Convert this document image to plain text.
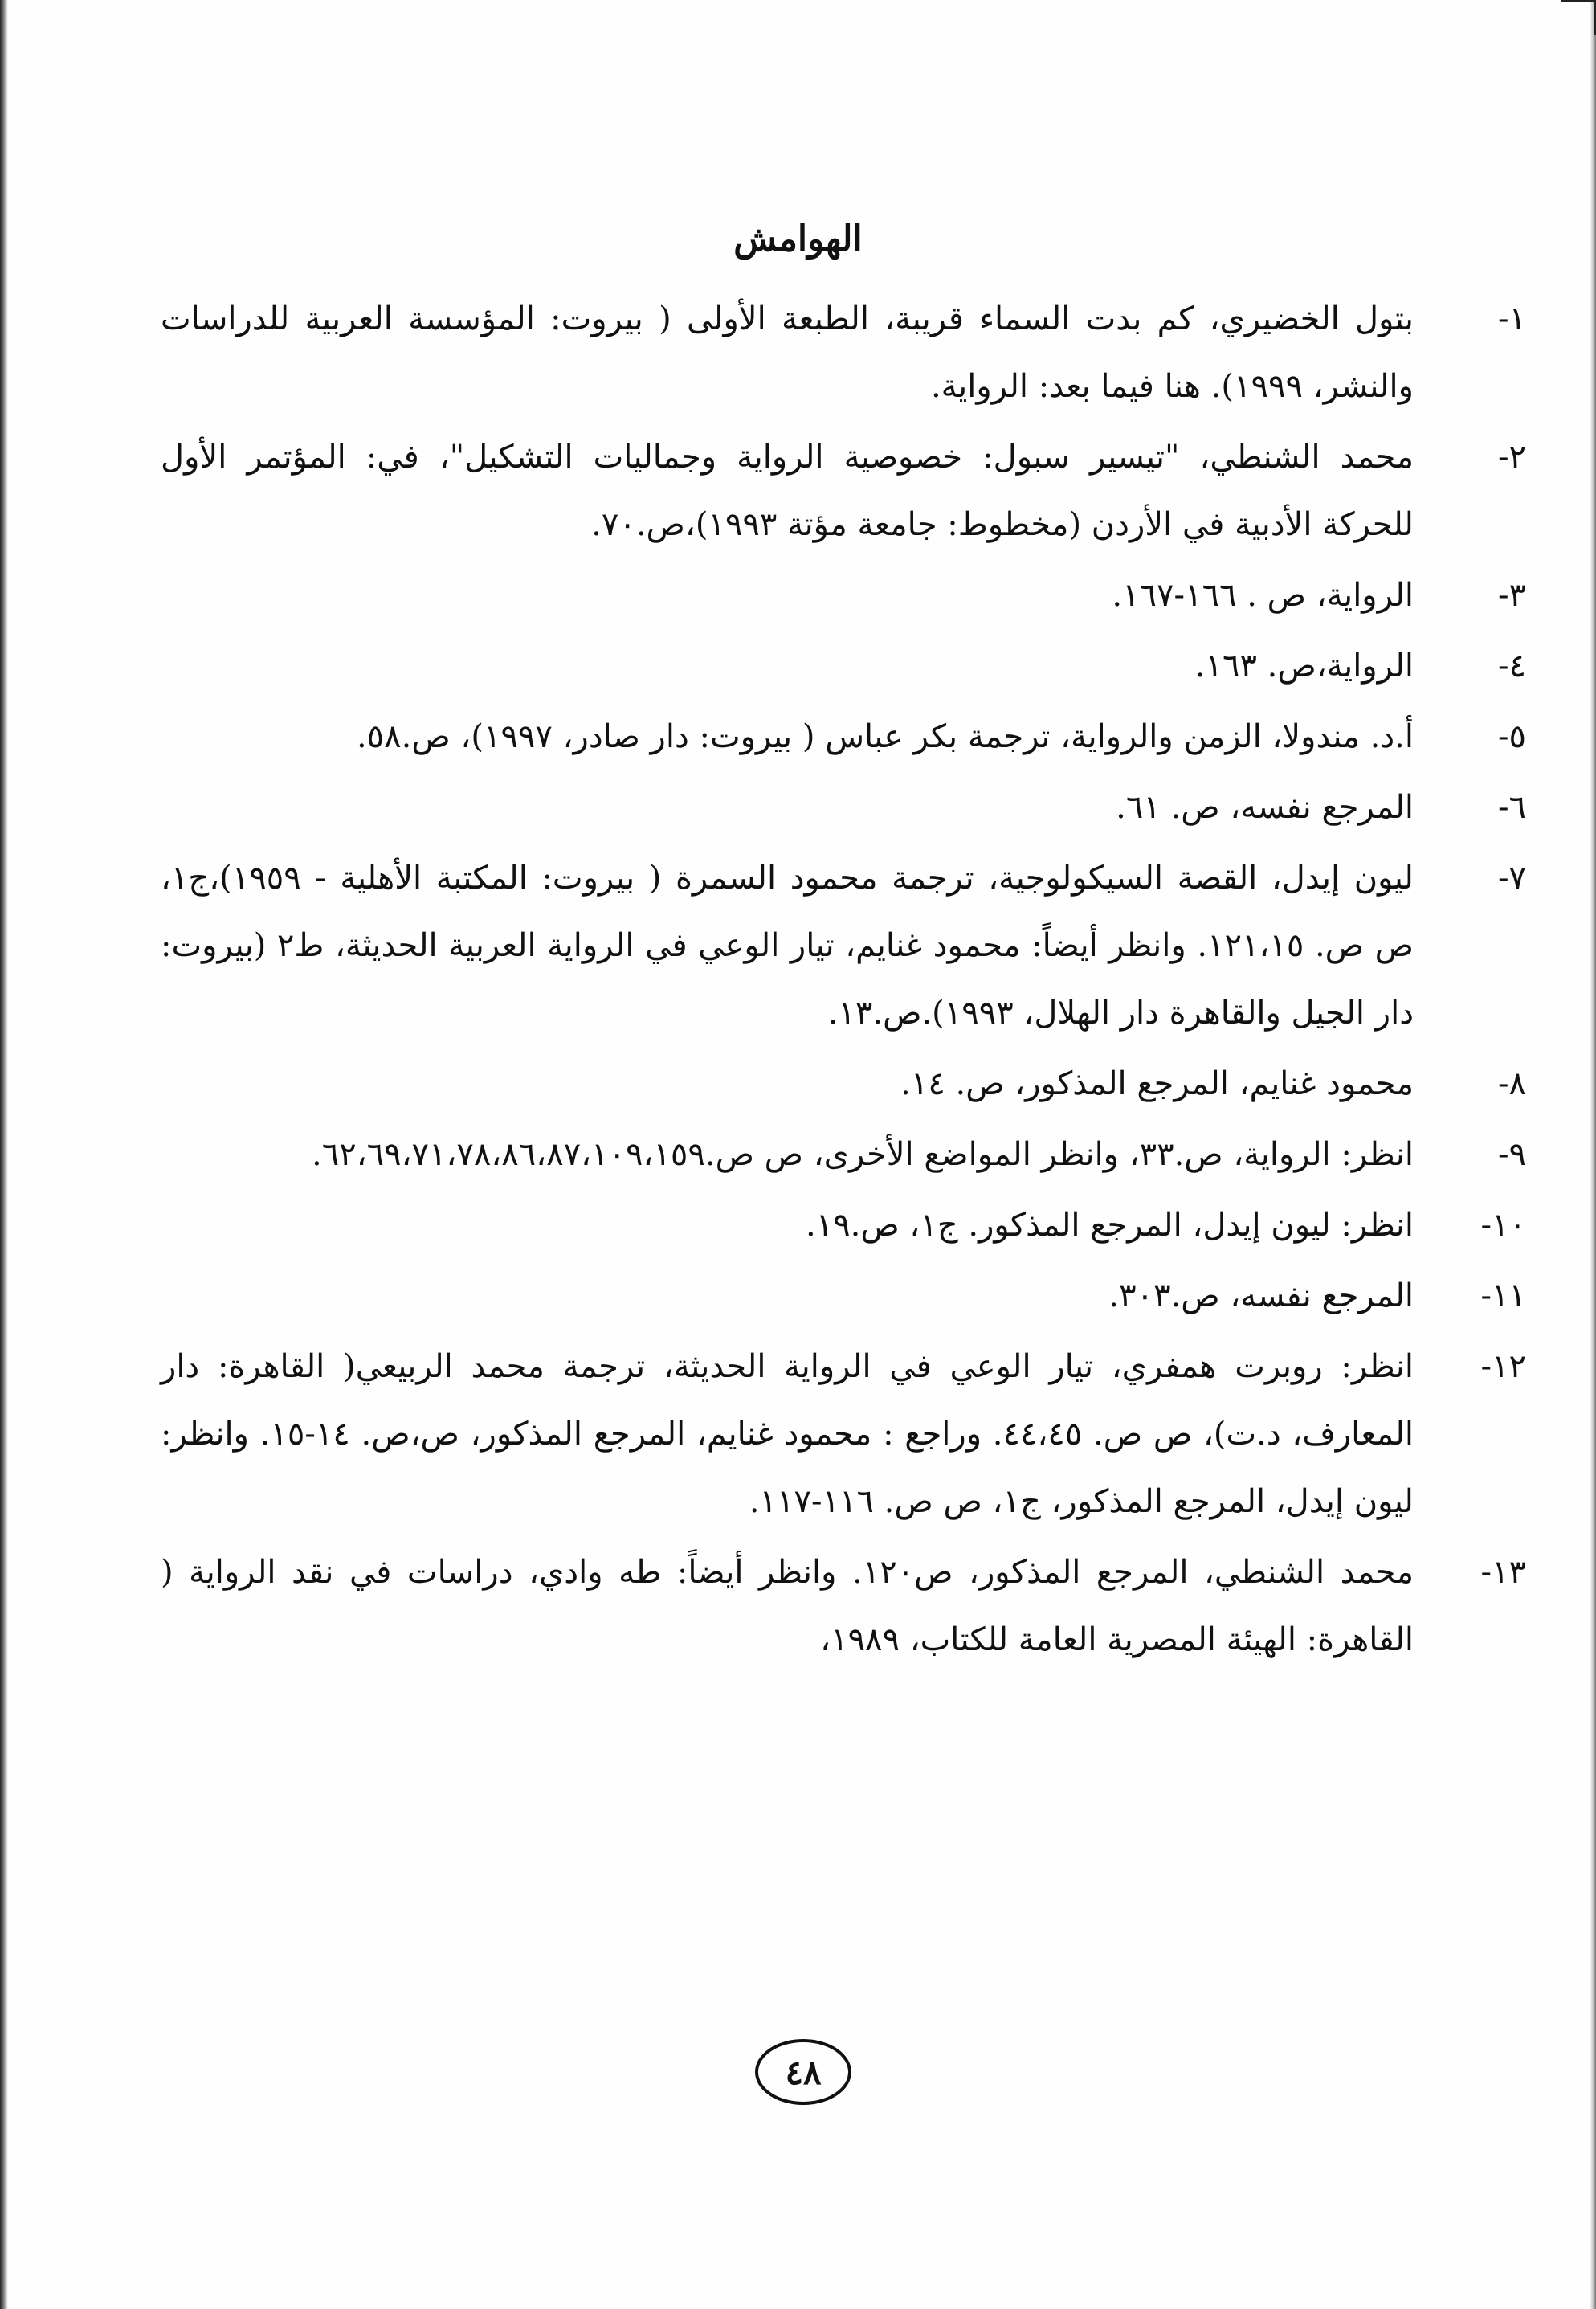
الهوامش
١-
بتول الخضيري، كم بدت السماء قريبة، الطبعة الأولى ( بيروت: المؤسسة العربية للدراسات والنشر، ١٩٩٩). هنا فيما بعد: الرواية.
٢-
محمد الشنطي، "تيسير سبول: خصوصية الرواية وجماليات التشكيل"، في: المؤتمر الأول للحركة الأدبية في الأردن (مخطوط: جامعة مؤتة ١٩٩٣)،ص.٧٠.
٣-
الرواية، ص . ١٦٦-١٦٧.
٤-
الرواية،ص. ١٦٣.
٥-
أ.د. مندولا، الزمن والرواية، ترجمة بكر عباس ( بيروت: دار صادر، ١٩٩٧)، ص.٥٨.
٦-
المرجع نفسه، ص. ٦١.
٧-
ليون إيدل، القصة السيكولوجية، ترجمة محمود السمرة ( بيروت: المكتبة الأهلية - ١٩٥٩)،ج١، ص ص. ١٢١،١٥. وانظر أيضاً: محمود غنايم، تيار الوعي في الرواية العربية الحديثة، ط٢ (بيروت: دار الجيل والقاهرة دار الهلال، ١٩٩٣).ص.١٣.
٨-
محمود غنايم، المرجع المذكور، ص. ١٤.
٩-
انظر: الرواية، ص.٣٣، وانظر المواضع الأخرى، ص ص.٦٢،٦٩،٧١،٧٨،٨٦،٨٧،١٠٩،١٥٩.
١٠-
انظر: ليون إيدل، المرجع المذكور. ج١، ص.١٩.
١١-
المرجع نفسه، ص.٣٠٣.
١٢-
انظر: روبرت همفري، تيار الوعي في الرواية الحديثة، ترجمة محمد الربيعي( القاهرة: دار المعارف، د.ت)، ص ص. ٤٤،٤٥. وراجع : محمود غنايم، المرجع المذكور، ص،ص. ١٤-١٥. وانظر: ليون إيدل، المرجع المذكور، ج١، ص ص. ١١٦-١١٧.
١٣-
محمد الشنطي، المرجع المذكور، ص١٢٠. وانظر أيضاً: طه وادي، دراسات في نقد الرواية ( القاهرة: الهيئة المصرية العامة للكتاب، ١٩٨٩،
٤٨
